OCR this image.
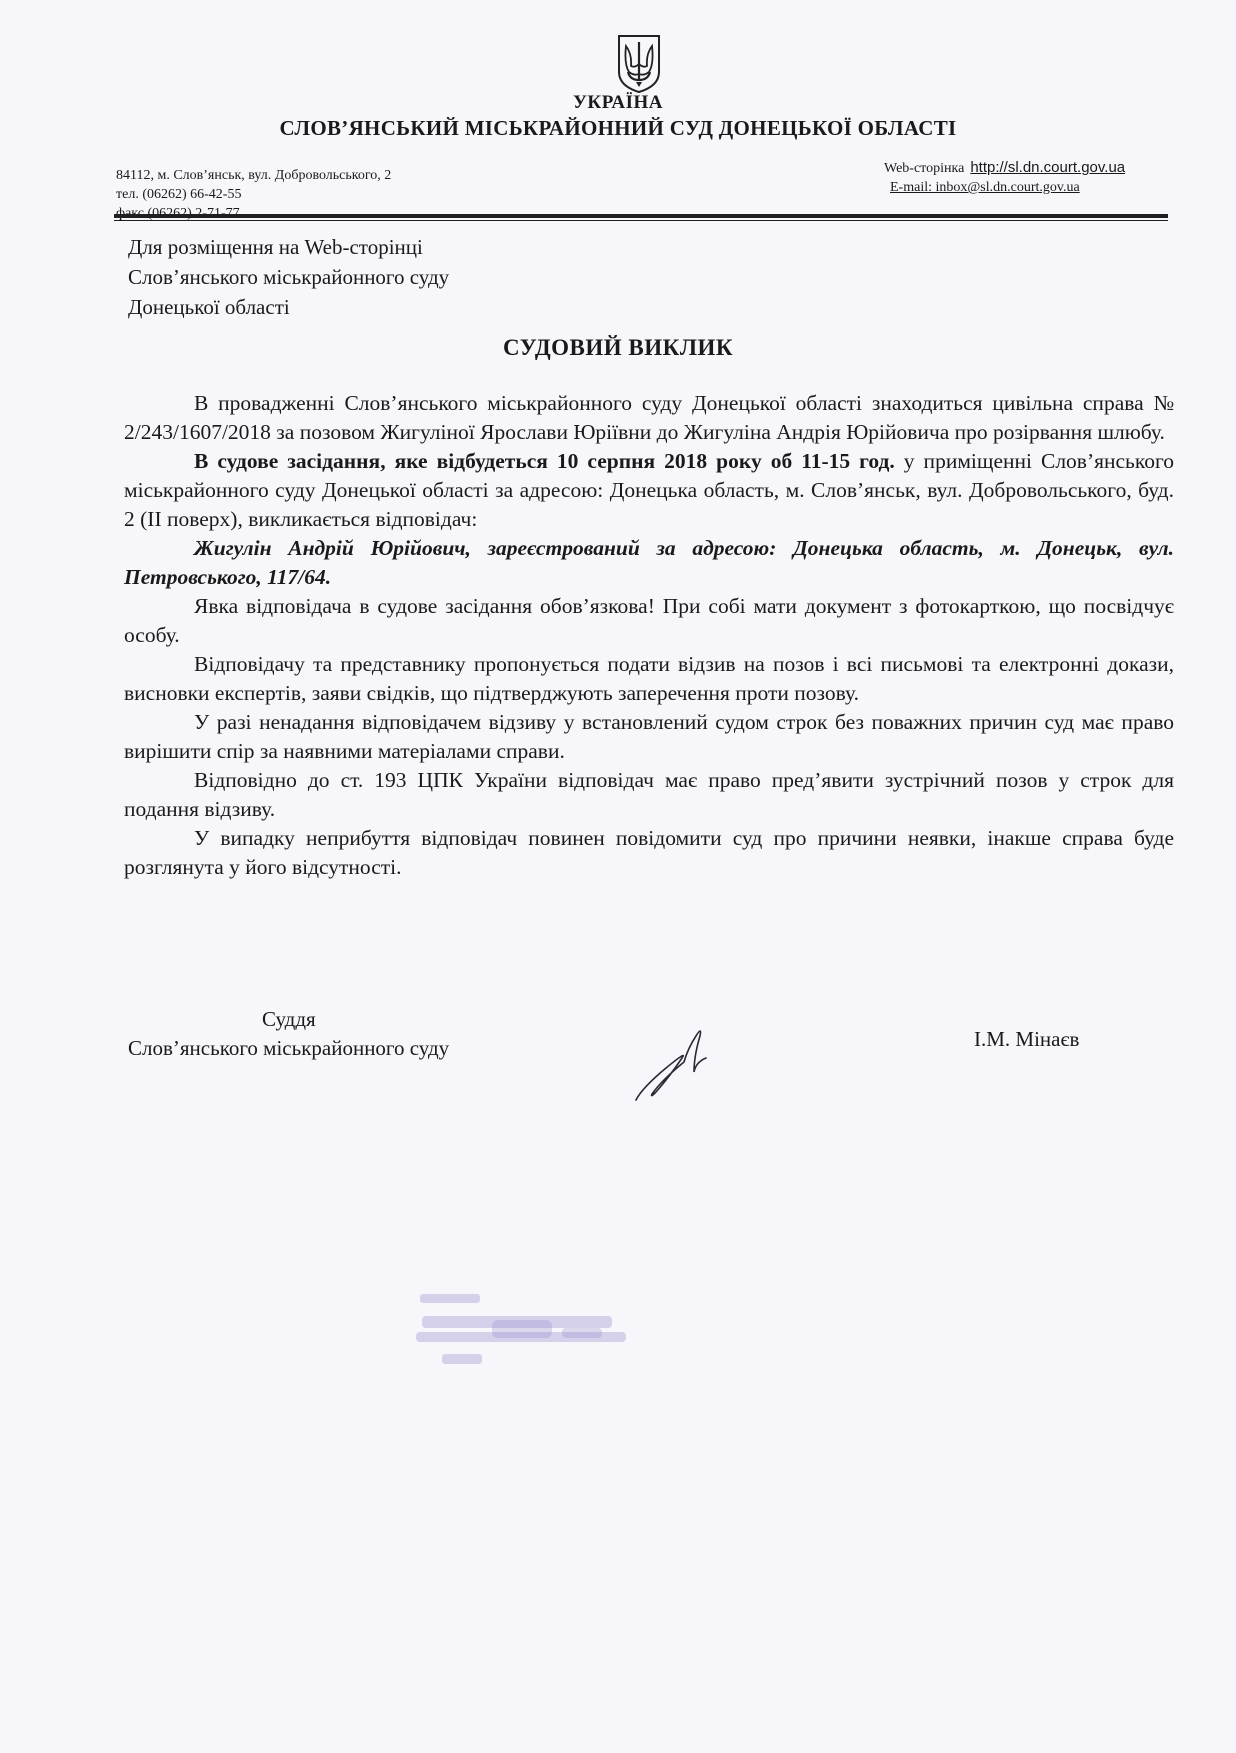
УКРАЇНА
СЛОВ’ЯНСЬКИЙ МІСЬКРАЙОННИЙ СУД ДОНЕЦЬКОЇ ОБЛАСТІ
84112, м. Слов’янськ, вул. Добровольського, 2
тел. (06262) 66-42-55
Web-сторінка http://sl.dn.court.gov.ua
E-mail: inbox@sl.dn.court.gov.ua
Для розміщення на Web-сторінці
Слов’янського міськрайонного суду
Донецької області
СУДОВИЙ ВИКЛИК

В провадженні Слов’янського міськрайонного суду Донецької області знаходиться цивільна справа № 2/243/1607/2018 за позовом Жигуліної Ярослави Юріївни до Жигуліна Андрія Юрійовича про розірвання шлюбу.

В судове засідання, яке відбудеться 10 серпня 2018 року об 11-15 год. у приміщенні Слов’янського міськрайонного суду Донецької області за адресою: Донецька область, м. Слов’янськ, вул. Добровольського, буд. 2 (ІІ поверх), викликається відповідач:

Жигулін Андрій Юрійович, зареєстрований за адресою: Донецька область, м. Донецьк, вул. Петровського, 117/64.

Явка відповідача в судове засідання обов’язкова! При собі мати документ з фотокарткою, що посвідчує особу.

Відповідачу та представнику пропонується подати відзив на позов і всі письмові та електронні докази, висновки експертів, заяви свідків, що підтверджують заперечення проти позову.

У разі ненадання відповідачем відзиву у встановлений судом строк без поважних причин суд має право вирішити спір за наявними матеріалами справи.

Відповідно до ст. 193 ЦПК України відповідач має право пред’явити зустрічний позов у строк для подання відзиву.

У випадку неприбуття відповідач повинен повідомити суд про причини неявки, інакше справа буде розглянута у його відсутності.

Суддя
Слов’янського міськрайонного суду	І.М. Мінаєв
